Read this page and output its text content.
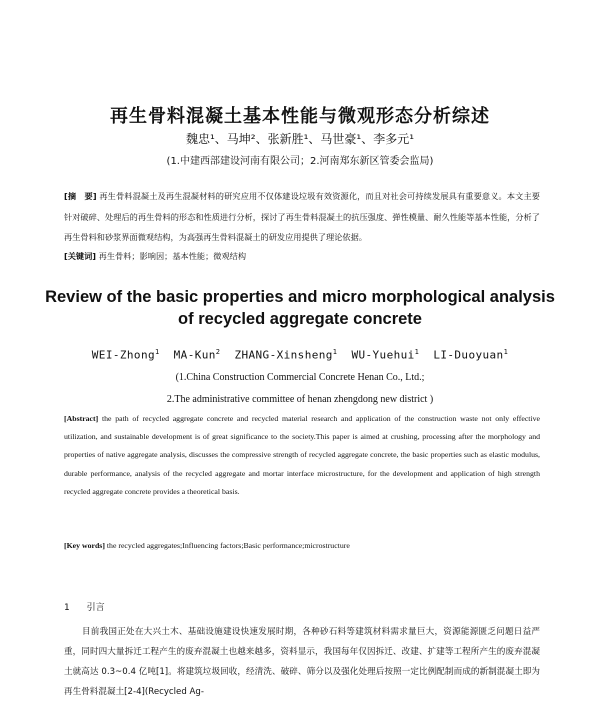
再生骨料混凝土基本性能与微观形态分析综述
魏忠¹、马坤²、张新胜¹、马世豪¹、李多元¹
(1.中建西部建设河南有限公司；2.河南郑东新区管委会监局)
[摘　要] 再生骨料混凝土及再生混凝材料的研究应用不仅体建设垃圾有效资源化，而且对社会可持续发展具有重要意义。本文主要针对破碎、处理后的再生骨料的形态和性质进行分析，探讨了再生骨料混凝土的抗压强度、弹性模量、耐久性能等基本性能，分析了再生骨料和砂浆界面微观结构，为高强再生骨料混凝土的研发应用提供了理论依据。
[关键词] 再生骨料；影响因；基本性能；微观结构
Review of the basic properties and micro morphological analysis
of recycled aggregate concrete
WEI-Zhong$^1$ MA-Kun$^2$ ZHANG-Xinsheng$^1$ WU-Yuehui$^1$ LI-Duoyuan$^1$
(1.China Construction Commercial Concrete Henan Co., Ltd.;
2.The administrative committee of henan zhengdong new district )
[Abstract] the path of recycled aggregate concrete and recycled material research and application of the construction waste not only effective utilization, and sustainable development is of great significance to the society.This paper is aimed at crushing, processing after the morphology and properties of native aggregate analysis, discusses the compressive strength of recycled aggregate concrete, the basic properties such as elastic modulus, durable performance, analysis of the recycled aggregate and mortar interface microstructure, for the development and application of high strength recycled aggregate concrete provides a theoretical basis.
[Key words] the recycled aggregates;Influencing factors;Basic performance;microstructure
1 引言

目前我国正处在大兴土木、基础设施建设快速发展时期，各种砂石料等建筑材料需求量巨大，资源能源匮乏问题日益严重，同时四大量拆迁工程产生的废弃混凝土也越来越多，资料显示，我国每年仅因拆迁、改建、扩建等工程所产生的废弃混凝土就高达 0.3~0.4 亿吨[1]。将建筑垃圾回收，经清洗、破碎、筛分以及强化处理后按照一定比例配制而成的新制混凝土即为再生骨料混凝土[2-4](Recycled Ag-
